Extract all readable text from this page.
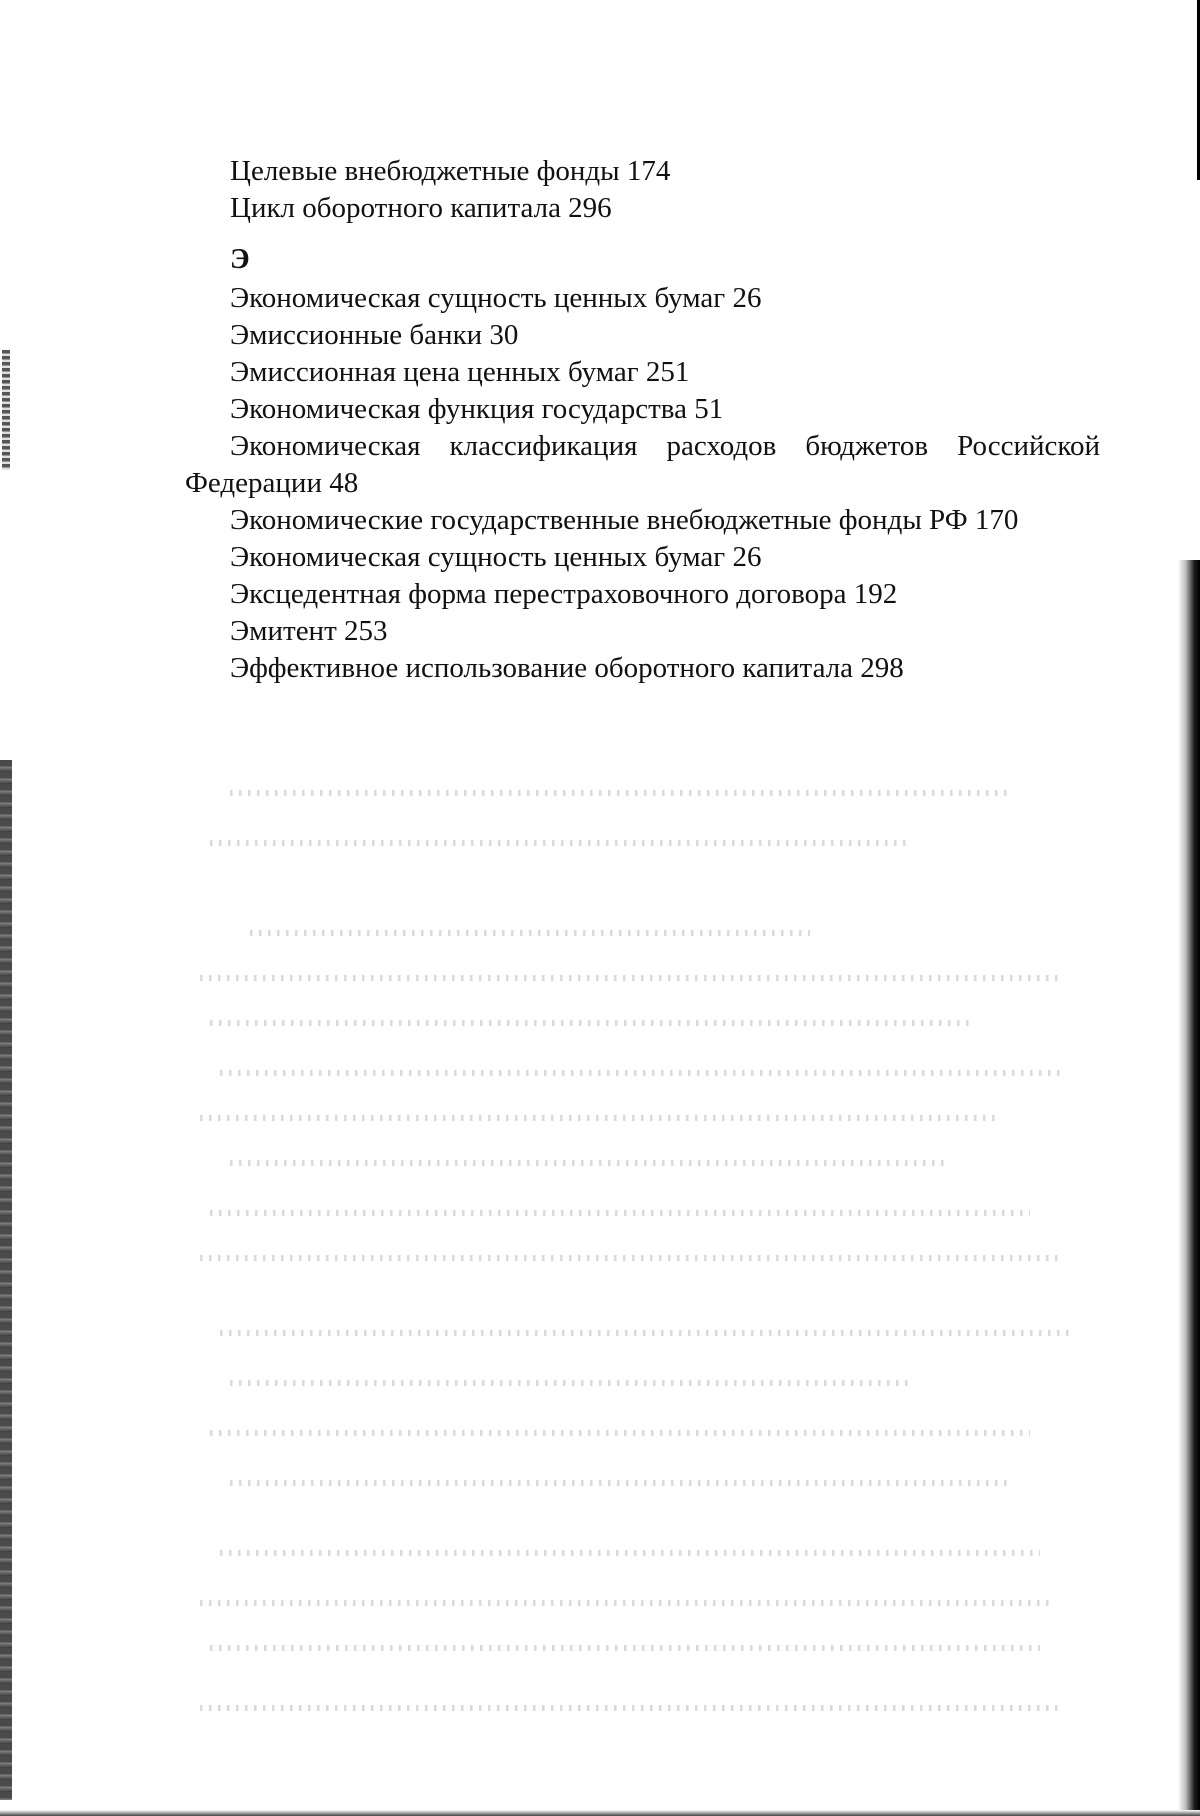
Целевые внебюджетные фонды 174

Цикл оборотного капитала 296

Э

Экономическая сущность ценных бумаг 26

Эмиссионные банки 30

Эмиссионная цена ценных бумаг 251

Экономическая функция государства 51

Экономическая классификация расходов бюджетов Российской Федерации 48

Экономические государственные внебюджетные фонды РФ 170

Экономическая сущность ценных бумаг 26

Эксцедентная форма перестраховочного договора 192

Эмитент 253

Эффективное использование оборотного капитала 298
